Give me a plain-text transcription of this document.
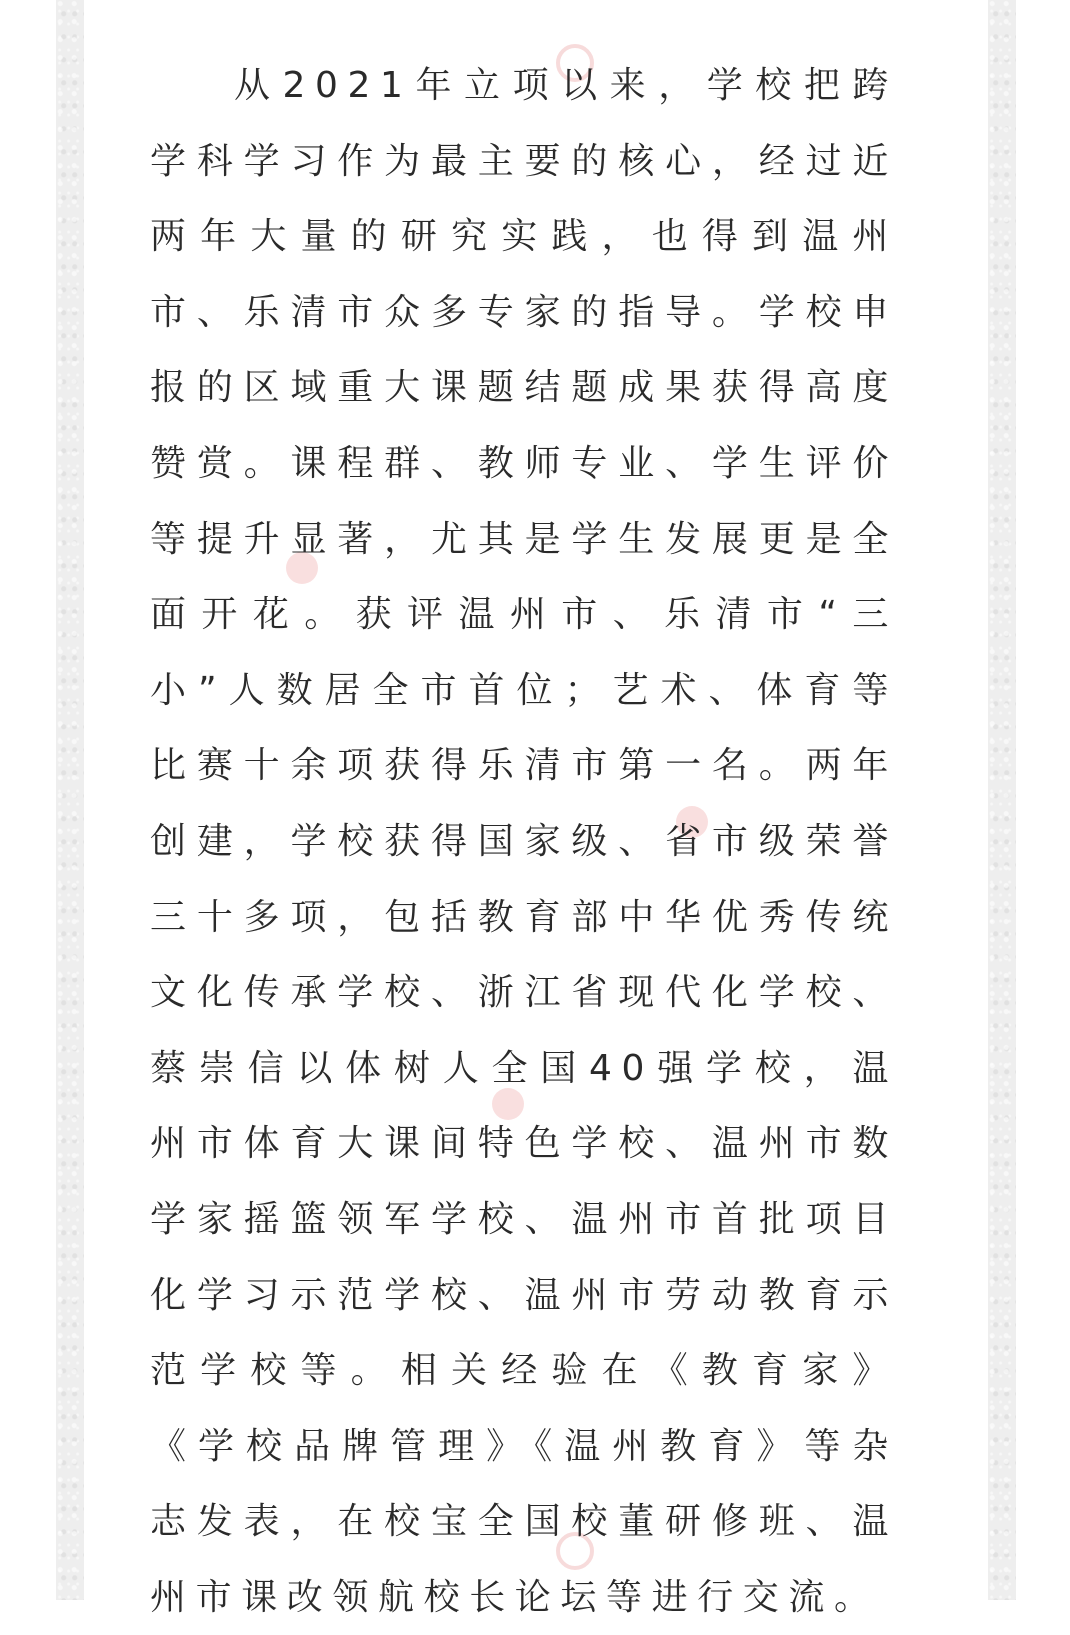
从2021年立项以来，学校把跨学科学习作为最主要的核心，经过近两年大量的研究实践，也得到温州市、乐清市众多专家的指导。学校申报的区域重大课题结题成果获得高度赞赏。课程群、教师专业、学生评价等提升显著，尤其是学生发展更是全面开花。获评温州市、乐清市“三小”人数居全市首位；艺术、体育等比赛十余项获得乐清市第一名。两年创建，学校获得国家级、省市级荣誉三十多项，包括教育部中华优秀传统文化传承学校、浙江省现代化学校、蔡崇信以体树人全国40强学校，温州市体育大课间特色学校、温州市数学家摇篮领军学校、温州市首批项目化学习示范学校、温州市劳动教育示范学校等。相关经验在《教育家》《学校品牌管理》《温州教育》等杂志发表，在校宝全国校董研修班、温州市课改领航校长论坛等进行交流。
